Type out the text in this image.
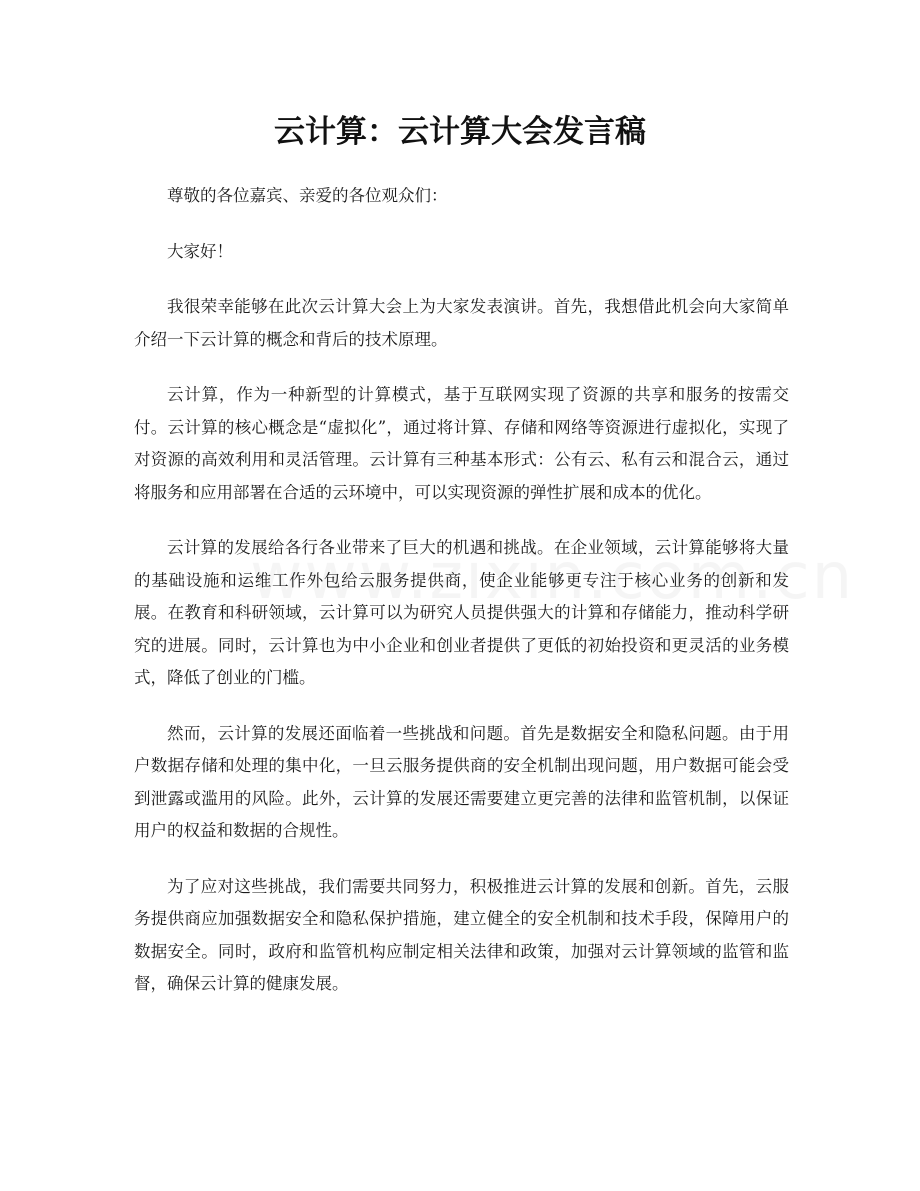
云计算：云计算大会发言稿

尊敬的各位嘉宾、亲爱的各位观众们：

大家好！

我很荣幸能够在此次云计算大会上为大家发表演讲。首先，我想借此机会向大家简单介绍一下云计算的概念和背后的技术原理。

云计算，作为一种新型的计算模式，基于互联网实现了资源的共享和服务的按需交付。云计算的核心概念是“虚拟化”，通过将计算、存储和网络等资源进行虚拟化，实现了对资源的高效利用和灵活管理。云计算有三种基本形式：公有云、私有云和混合云，通过将服务和应用部署在合适的云环境中，可以实现资源的弹性扩展和成本的优化。

云计算的发展给各行各业带来了巨大的机遇和挑战。在企业领域，云计算能够将大量的基础设施和运维工作外包给云服务提供商，使企业能够更专注于核心业务的创新和发展。在教育和科研领域，云计算可以为研究人员提供强大的计算和存储能力，推动科学研究的进展。同时，云计算也为中小企业和创业者提供了更低的初始投资和更灵活的业务模式，降低了创业的门槛。

然而，云计算的发展还面临着一些挑战和问题。首先是数据安全和隐私问题。由于用户数据存储和处理的集中化，一旦云服务提供商的安全机制出现问题，用户数据可能会受到泄露或滥用的风险。此外，云计算的发展还需要建立更完善的法律和监管机制，以保证用户的权益和数据的合规性。

为了应对这些挑战，我们需要共同努力，积极推进云计算的发展和创新。首先，云服务提供商应加强数据安全和隐私保护措施，建立健全的安全机制和技术手段，保障用户的数据安全。同时，政府和监管机构应制定相关法律和政策，加强对云计算领域的监管和监督，确保云计算的健康发展。
